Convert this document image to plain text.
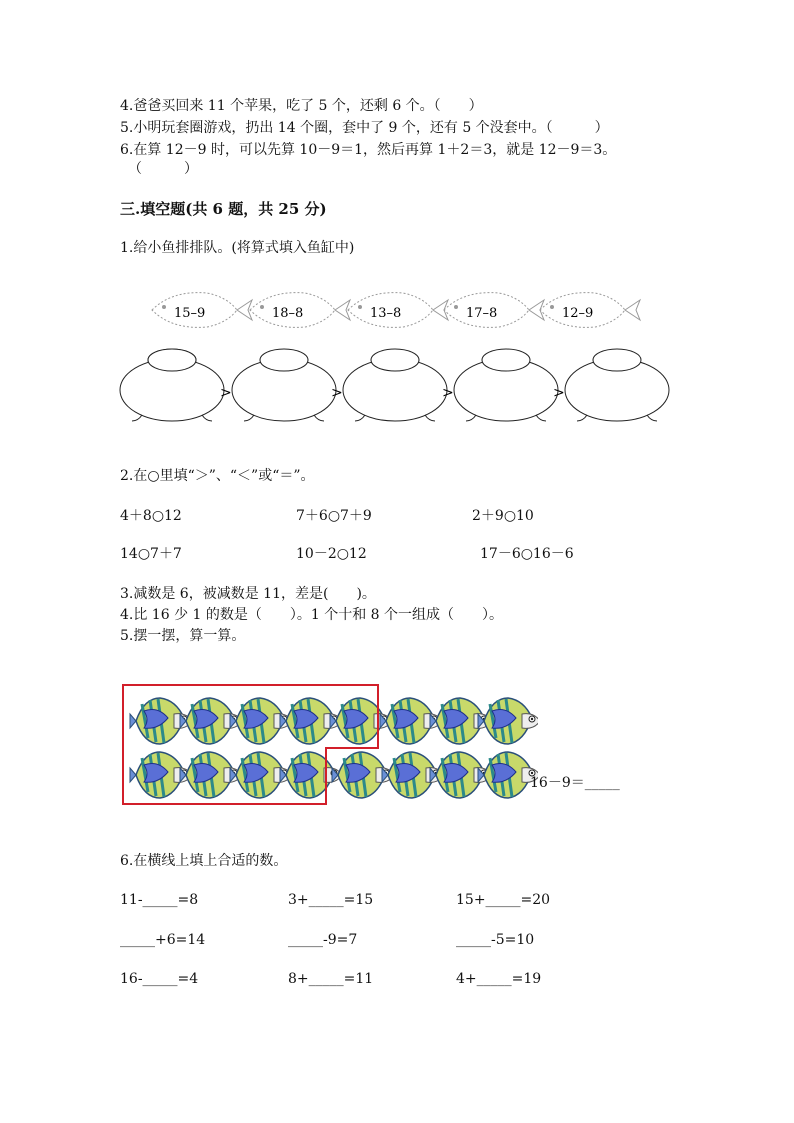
4.爸爸买回来 11 个苹果，吃了 5 个，还剩 6 个。（　　）
5.小明玩套圈游戏，扔出 14 个圈，套中了 9 个，还有 5 个没套中。（　　　）
6.在算 12－9 时，可以先算 10－9＝1，然后再算 1＋2＝3，就是 12－9＝3。
（　　　）
三.填空题(共 6 题，共 25 分)
1.给小鱼排排队。(将算式填入鱼缸中)
15–9	18–8	13–8	17–8	12–9
>	>	>	>
2.在○里填“＞”、“＜”或“＝”。
4＋8○12	7＋6○7＋9	2＋9○10
14○7＋7	10－2○12	17－6○16－6
3.减数是 6，被减数是 11，差是(　　)。
4.比 16 少 1 的数是（　　）。1 个十和 8 个一组成（　　）。
5.摆一摆，算一算。
16－9＝_____
6.在横线上填上合适的数。
11-_____=8	3+_____=15	15+_____=20
_____+6=14	_____-9=7	_____-5=10
16-_____=4	8+_____=11	4+_____=19
